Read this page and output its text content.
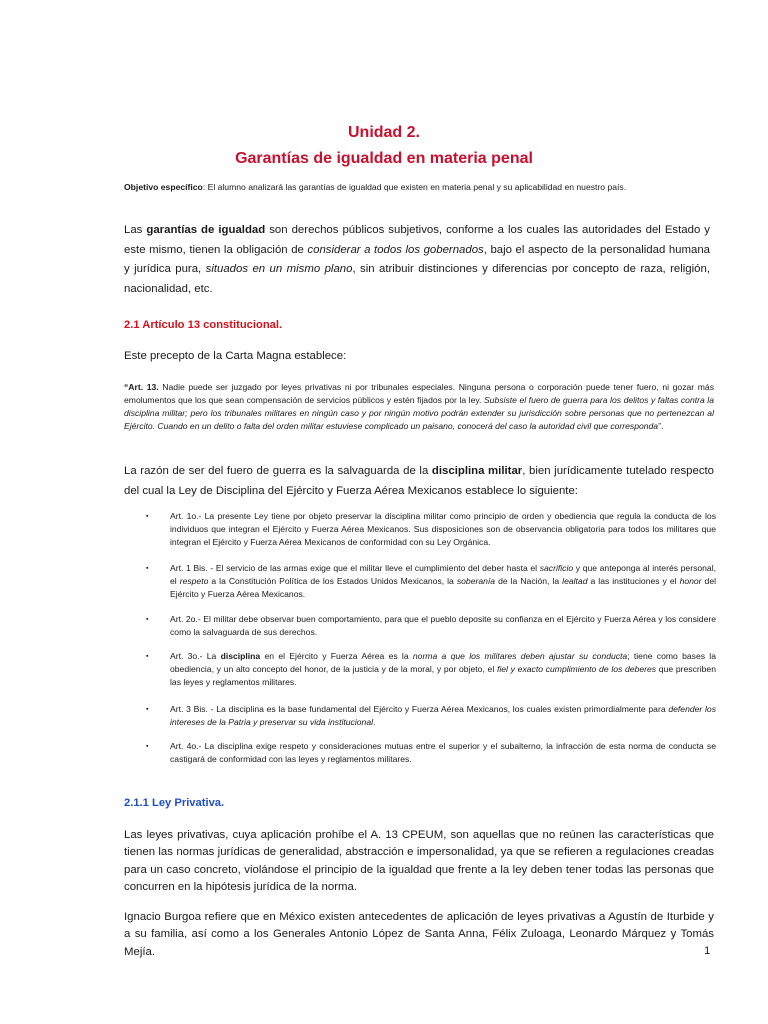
Unidad 2.
Garantías de igualdad en materia penal
Objetivo específico: El alumno analizará las garantías de igualdad que existen en materia penal y su aplicabilidad en nuestro país.
Las garantías de igualdad son derechos públicos subjetivos, conforme a los cuales las autoridades del Estado y este mismo, tienen la obligación de considerar a todos los gobernados, bajo el aspecto de la personalidad humana y jurídica pura, situados en un mismo plano, sin atribuir distinciones y diferencias por concepto de raza, religión, nacionalidad, etc.
2.1 Artículo 13 constitucional.
Este precepto de la Carta Magna establece:
“Art. 13. Nadie puede ser juzgado por leyes privativas ni por tribunales especiales. Ninguna persona o corporación puede tener fuero, ni gozar más emolumentos que los que sean compensación de servicios públicos y estén fijados por la ley. Subsiste el fuero de guerra para los delitos y faltas contra la disciplina militar; pero los tribunales militares en ningún caso y por ningún motivo podrán extender su jurisdicción sobre personas que no pertenezcan al Ejército. Cuando en un delito o falta del orden militar estuviese complicado un paisano, conocerá del caso la autoridad civil que corresponda”.
La razón de ser del fuero de guerra es la salvaguarda de la disciplina militar, bien jurídicamente tutelado respecto del cual la Ley de Disciplina del Ejército y Fuerza Aérea Mexicanos establece lo siguiente:
▪	Art. 1o.- La presente Ley tiene por objeto preservar la disciplina militar como principio de orden y obediencia que regula la conducta de los individuos que integran el Ejército y Fuerza Aérea Mexicanos. Sus disposiciones son de observancia obligatoria para todos los militares que integran el Ejército y Fuerza Aérea Mexicanos de conformidad con su Ley Orgánica.
▪	Art. 1 Bis. - El servicio de las armas exige que el militar lleve el cumplimiento del deber hasta el sacrificio y que anteponga al interés personal, el respeto a la Constitución Política de los Estados Unidos Mexicanos, la soberanía de la Nación, la lealtad a las instituciones y el honor del Ejército y Fuerza Aérea Mexicanos.
▪	Art. 2o.- El militar debe observar buen comportamiento, para que el pueblo deposite su confianza en el Ejército y Fuerza Aérea y los considere como la salvaguarda de sus derechos.
▪	Art. 3o.- La disciplina en el Ejército y Fuerza Aérea es la norma a que los militares deben ajustar su conducta; tiene como bases la obediencia, y un alto concepto del honor, de la justicia y de la moral, y por objeto, el fiel y exacto cumplimiento de los deberes que prescriben las leyes y reglamentos militares.
▪	Art. 3 Bis. - La disciplina es la base fundamental del Ejército y Fuerza Aérea Mexicanos, los cuales existen primordialmente para defender los intereses de la Patria y preservar su vida institucional.
▪	Art. 4o.- La disciplina exige respeto y consideraciones mutuas entre el superior y el subalterno, la infracción de esta norma de conducta se castigará de conformidad con las leyes y reglamentos militares.
2.1.1 Ley Privativa.
Las leyes privativas, cuya aplicación prohíbe el A. 13 CPEUM, son aquellas que no reúnen las características que tienen las normas jurídicas de generalidad, abstracción e impersonalidad, ya que se refieren a regulaciones creadas para un caso concreto, violándose el principio de la igualdad que frente a la ley deben tener todas las personas que concurren en la hipótesis jurídica de la norma.
Ignacio Burgoa refiere que en México existen antecedentes de aplicación de leyes privativas a Agustín de Iturbide y a su familia, así como a los Generales Antonio López de Santa Anna, Félix Zuloaga, Leonardo Márquez y Tomás Mejía.	1
